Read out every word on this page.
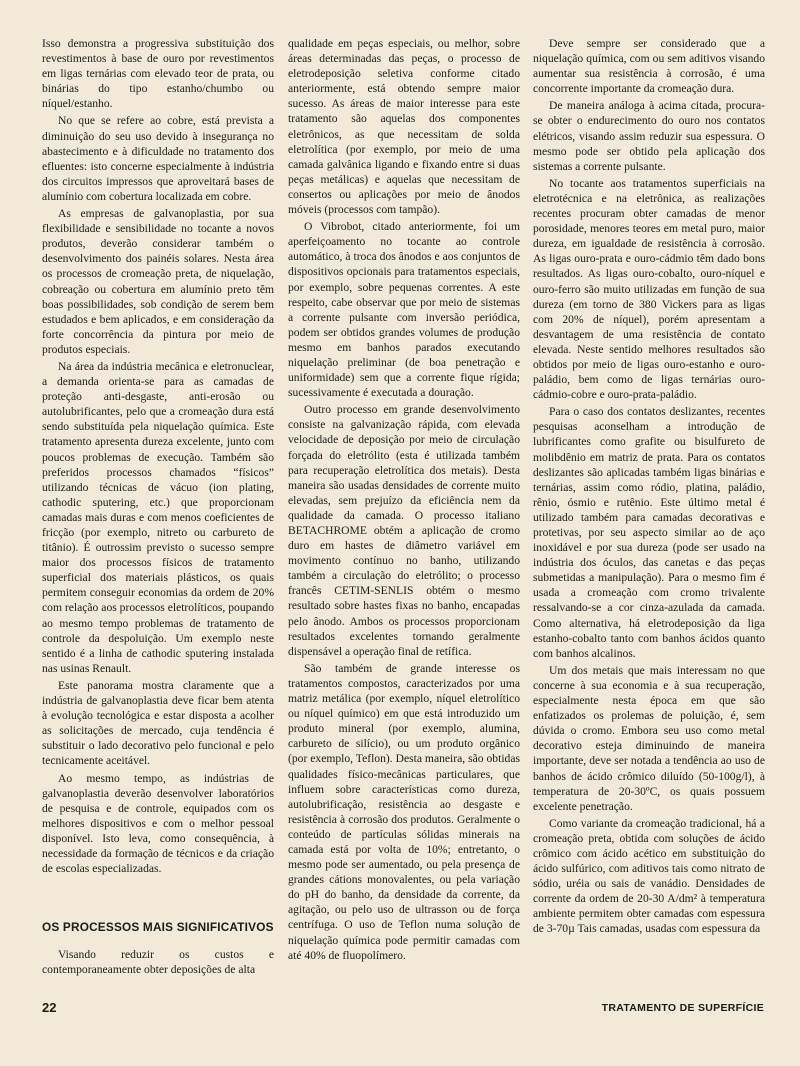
Isso demonstra a progressiva substituição dos revestimentos à base de ouro por revestimentos em ligas ternárias com elevado teor de prata, ou binárias do tipo estanho/chumbo ou níquel/estanho.

No que se refere ao cobre, está prevista a diminuição do seu uso devido à insegurança no abastecimento e à dificuldade no tratamento dos efluentes: isto concerne especialmente à indústria dos circuitos impressos que aproveitará bases de alumínio com cobertura localizada em cobre.

As empresas de galvanoplastia, por sua flexibilidade e sensibilidade no tocante a novos produtos, deverão considerar também o desenvolvimento dos painéis solares. Nesta área os processos de cromeação preta, de niquelação, cobreação ou cobertura em alumínio preto têm boas possibilidades, sob condição de serem bem estudados e bem aplicados, e em consideração da forte concorrência da pintura por meio de produtos especiais.

Na área da indústria mecânica e eletronuclear, a demanda orienta-se para as camadas de proteção anti-desgaste, anti-erosão ou autolubrificantes, pelo que a cromeação dura está sendo substituída pela niquelação química. Este tratamento apresenta dureza excelente, junto com poucos problemas de execução. Também são preferidos processos chamados “físicos” utilizando técnicas de vácuo (ion plating, cathodic sputering, etc.) que proporcionam camadas mais duras e com menos coeficientes de fricção (por exemplo, nitreto ou carbureto de titânio). É outrossim previsto o sucesso sempre maior dos processos físicos de tratamento superficial dos materiais plásticos, os quais permitem conseguir economias da ordem de 20% com relação aos processos eletrolíticos, poupando ao mesmo tempo problemas de tratamento de controle da despoluição. Um exemplo neste sentido é a linha de cathodic sputering instalada nas usinas Renault.

Este panorama mostra claramente que a indústria de galvanoplastia deve ficar bem atenta à evolução tecnológica e estar disposta a acolher as solicitações de mercado, cuja tendência é substituir o lado decorativo pelo funcional e pelo tecnicamente aceitável.

Ao mesmo tempo, as indústrias de galvanoplastia deverão desenvolver laboratórios de pesquisa e de controle, equipados com os melhores dispositivos e com o melhor pessoal disponível. Isto leva, como consequência, à necessidade da formação de técnicos e da criação de escolas especializadas.

OS PROCESSOS MAIS SIGNIFICATIVOS

Visando reduzir os custos e contemporaneamente obter deposições de alta

qualidade em peças especiais, ou melhor, sobre áreas determinadas das peças, o processo de eletrodeposição seletiva conforme citado anteriormente, está obtendo sempre maior sucesso. As áreas de maior interesse para este tratamento são aquelas dos componentes eletrônicos, as que necessitam de solda eletrolítica (por exemplo, por meio de uma camada galvânica ligando e fixando entre si duas peças metálicas) e aquelas que necessitam de consertos ou aplicações por meio de ânodos móveis (processos com tampão).

O Vibrobot, citado anteriormente, foi um aperfeiçoamento no tocante ao controle automático, à troca dos ânodos e aos conjuntos de dispositivos opcionais para tratamentos especiais, por exemplo, sobre pequenas correntes. A este respeito, cabe observar que por meio de sistemas a corrente pulsante com inversão periódica, podem ser obtidos grandes volumes de produção mesmo em banhos parados executando niquelação preliminar (de boa penetração e uniformidade) sem que a corrente fique rígida; sucessivamente é executada a douração.

Outro processo em grande desenvolvimento consiste na galvanização rápida, com elevada velocidade de deposição por meio de circulação forçada do eletrólito (esta é utilizada também para recuperação eletrolítica dos metais). Desta maneira são usadas densidades de corrente muito elevadas, sem prejuízo da eficiência nem da qualidade da camada. O processo italiano BETACHROME obtém a aplicação de cromo duro em hastes de diâmetro variável em movimento contínuo no banho, utilizando também a circulação do eletrólito; o processo francês CETIM-SENLIS obtém o mesmo resultado sobre hastes fixas no banho, encapadas pelo ânodo. Ambos os processos proporcionam resultados excelentes tornando geralmente dispensável a operação final de retífica.

São também de grande interesse os tratamentos compostos, caracterizados por uma matriz metálica (por exemplo, níquel eletrolítico ou níquel químico) em que está introduzido um produto mineral (por exemplo, alumina, carbureto de silício), ou um produto orgânico (por exemplo, Teflon). Desta maneira, são obtidas qualidades físico-mecânicas particulares, que influem sobre características como dureza, autolubrificação, resistência ao desgaste e resistência à corrosão dos produtos. Geralmente o conteúdo de partículas sólidas minerais na camada está por volta de 10%; entretanto, o mesmo pode ser aumentado, ou pela presença de grandes cátions monovalentes, ou pela variação do pH do banho, da densidade da corrente, da agitação, ou pelo uso de ultrasson ou de força centrífuga. O uso de Teflon numa solução de niquelação química pode permitir camadas com até 40% de fluopolímero.

Deve sempre ser considerado que a niquelação química, com ou sem aditivos visando aumentar sua resistência à corrosão, é uma concorrente importante da cromeação dura.

De maneira análoga à acima citada, procura-se obter o endurecimento do ouro nos contatos elétricos, visando assim reduzir sua espessura. O mesmo pode ser obtido pela aplicação dos sistemas a corrente pulsante.

No tocante aos tratamentos superficiais na eletrotécnica e na eletrônica, as realizações recentes procuram obter camadas de menor porosidade, menores teores em metal puro, maior dureza, em igualdade de resistência à corrosão. As ligas ouro-prata e ouro-cádmio têm dado bons resultados. As ligas ouro-cobalto, ouro-níquel e ouro-ferro são muito utilizadas em função de sua dureza (em torno de 380 Vickers para as ligas com 20% de níquel), porém apresentam a desvantagem de uma resistência de contato elevada. Neste sentido melhores resultados são obtidos por meio de ligas ouro-estanho e ouro-paládio, bem como de ligas ternárias ouro-cádmio-cobre e ouro-prata-paládio.

Para o caso dos contatos deslizantes, recentes pesquisas aconselham a introdução de lubrificantes como grafite ou bisulfureto de molibdênio em matriz de prata. Para os contatos deslizantes são aplicadas também ligas binárias e ternárias, assim como ródio, platina, paládio, rênio, ósmio e rutênio. Este último metal é utilizado também para camadas decorativas e protetivas, por seu aspecto similar ao de aço inoxidável e por sua dureza (pode ser usado na indústria dos óculos, das canetas e das peças submetidas a manipulação). Para o mesmo fim é usada a cromeação com cromo trivalente ressalvando-se a cor cinza-azulada da camada. Como alternativa, há eletrodeposição da liga estanho-cobalto tanto com banhos ácidos quanto com banhos alcalinos.

Um dos metais que mais interessam no que concerne à sua economia e à sua recuperação, especialmente nesta época em que são enfatizados os prolemas de poluição, é, sem dúvida o cromo. Embora seu uso como metal decorativo esteja diminuindo de maneira importante, deve ser notada a tendência ao uso de banhos de ácido crômico diluído (50-100g/l), à temperatura de 20-30ºC, os quais possuem excelente penetração.

Como variante da cromeação tradicional, há a cromeação preta, obtida com soluções de ácido crômico com ácido acético em substituição do ácido sulfúrico, com aditivos tais como nitrato de sódio, uréia ou sais de vanádio. Densidades de corrente da ordem de 20-30 A/dm² à temperatura ambiente permitem obter camadas com espessura de 3-70µ Tais camadas, usadas com espessura da

22	TRATAMENTO DE SUPERFÍCIE
